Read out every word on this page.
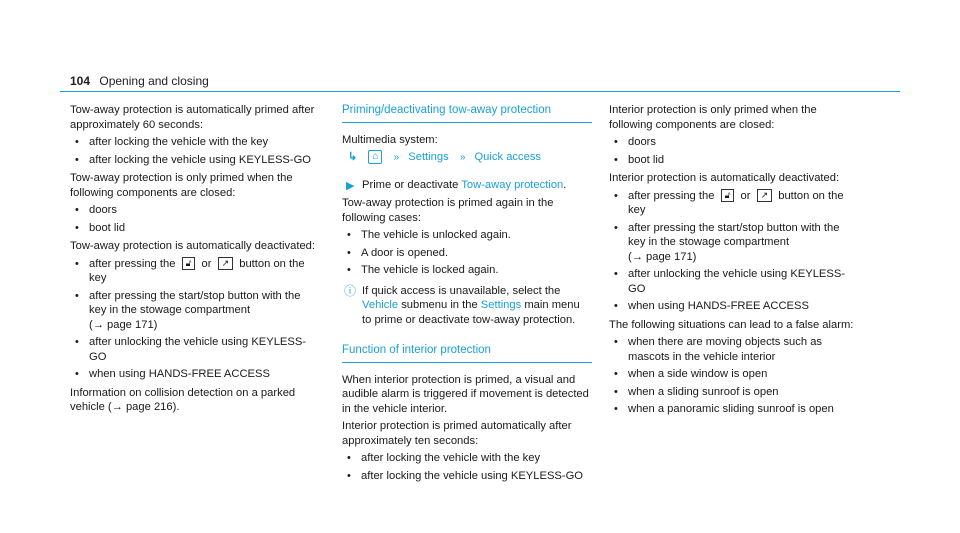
104 Opening and closing

Tow-away protection is automatically primed after approximately 60 seconds:

• after locking the vehicle with the key
• after locking the vehicle using KEYLESS-GO

Tow-away protection is only primed when the following components are closed:

• doors
• boot lid

Tow-away protection is automatically deactivated:

• after pressing the 🔓︎ or ↗ button on the key
• after pressing the start/stop button with the key in the stowage compartment
(→ page 171)
• after unlocking the vehicle using KEYLESS-GO
• when using HANDS-FREE ACCESS

Information on collision detection on a parked vehicle (→ page 216).

Priming/deactivating tow-away protection

Multimedia system:

↳ ⌂ » Settings » Quick access
▶ Prime or deactivate Tow-away protection.

Tow-away protection is primed again in the following cases:

• The vehicle is unlocked again.
• A door is opened.
• The vehicle is locked again.
ⓘ If quick access is unavailable, select the Vehicle submenu in the Settings main menu to prime or deactivate tow-away protection.
Function of interior protection

When interior protection is primed, a visual and audible alarm is triggered if movement is detected in the vehicle interior.

Interior protection is primed automatically after approximately ten seconds:

• after locking the vehicle with the key
• after locking the vehicle using KEYLESS-GO

Interior protection is only primed when the following components are closed:

• doors
• boot lid

Interior protection is automatically deactivated:

• after pressing the 🔓︎ or ↗ button on the key
• after pressing the start/stop button with the key in the stowage compartment
(→ page 171)
• after unlocking the vehicle using KEYLESS-GO
• when using HANDS-FREE ACCESS

The following situations can lead to a false alarm:

• when there are moving objects such as mascots in the vehicle interior
• when a side window is open
• when a sliding sunroof is open
• when a panoramic sliding sunroof is open
